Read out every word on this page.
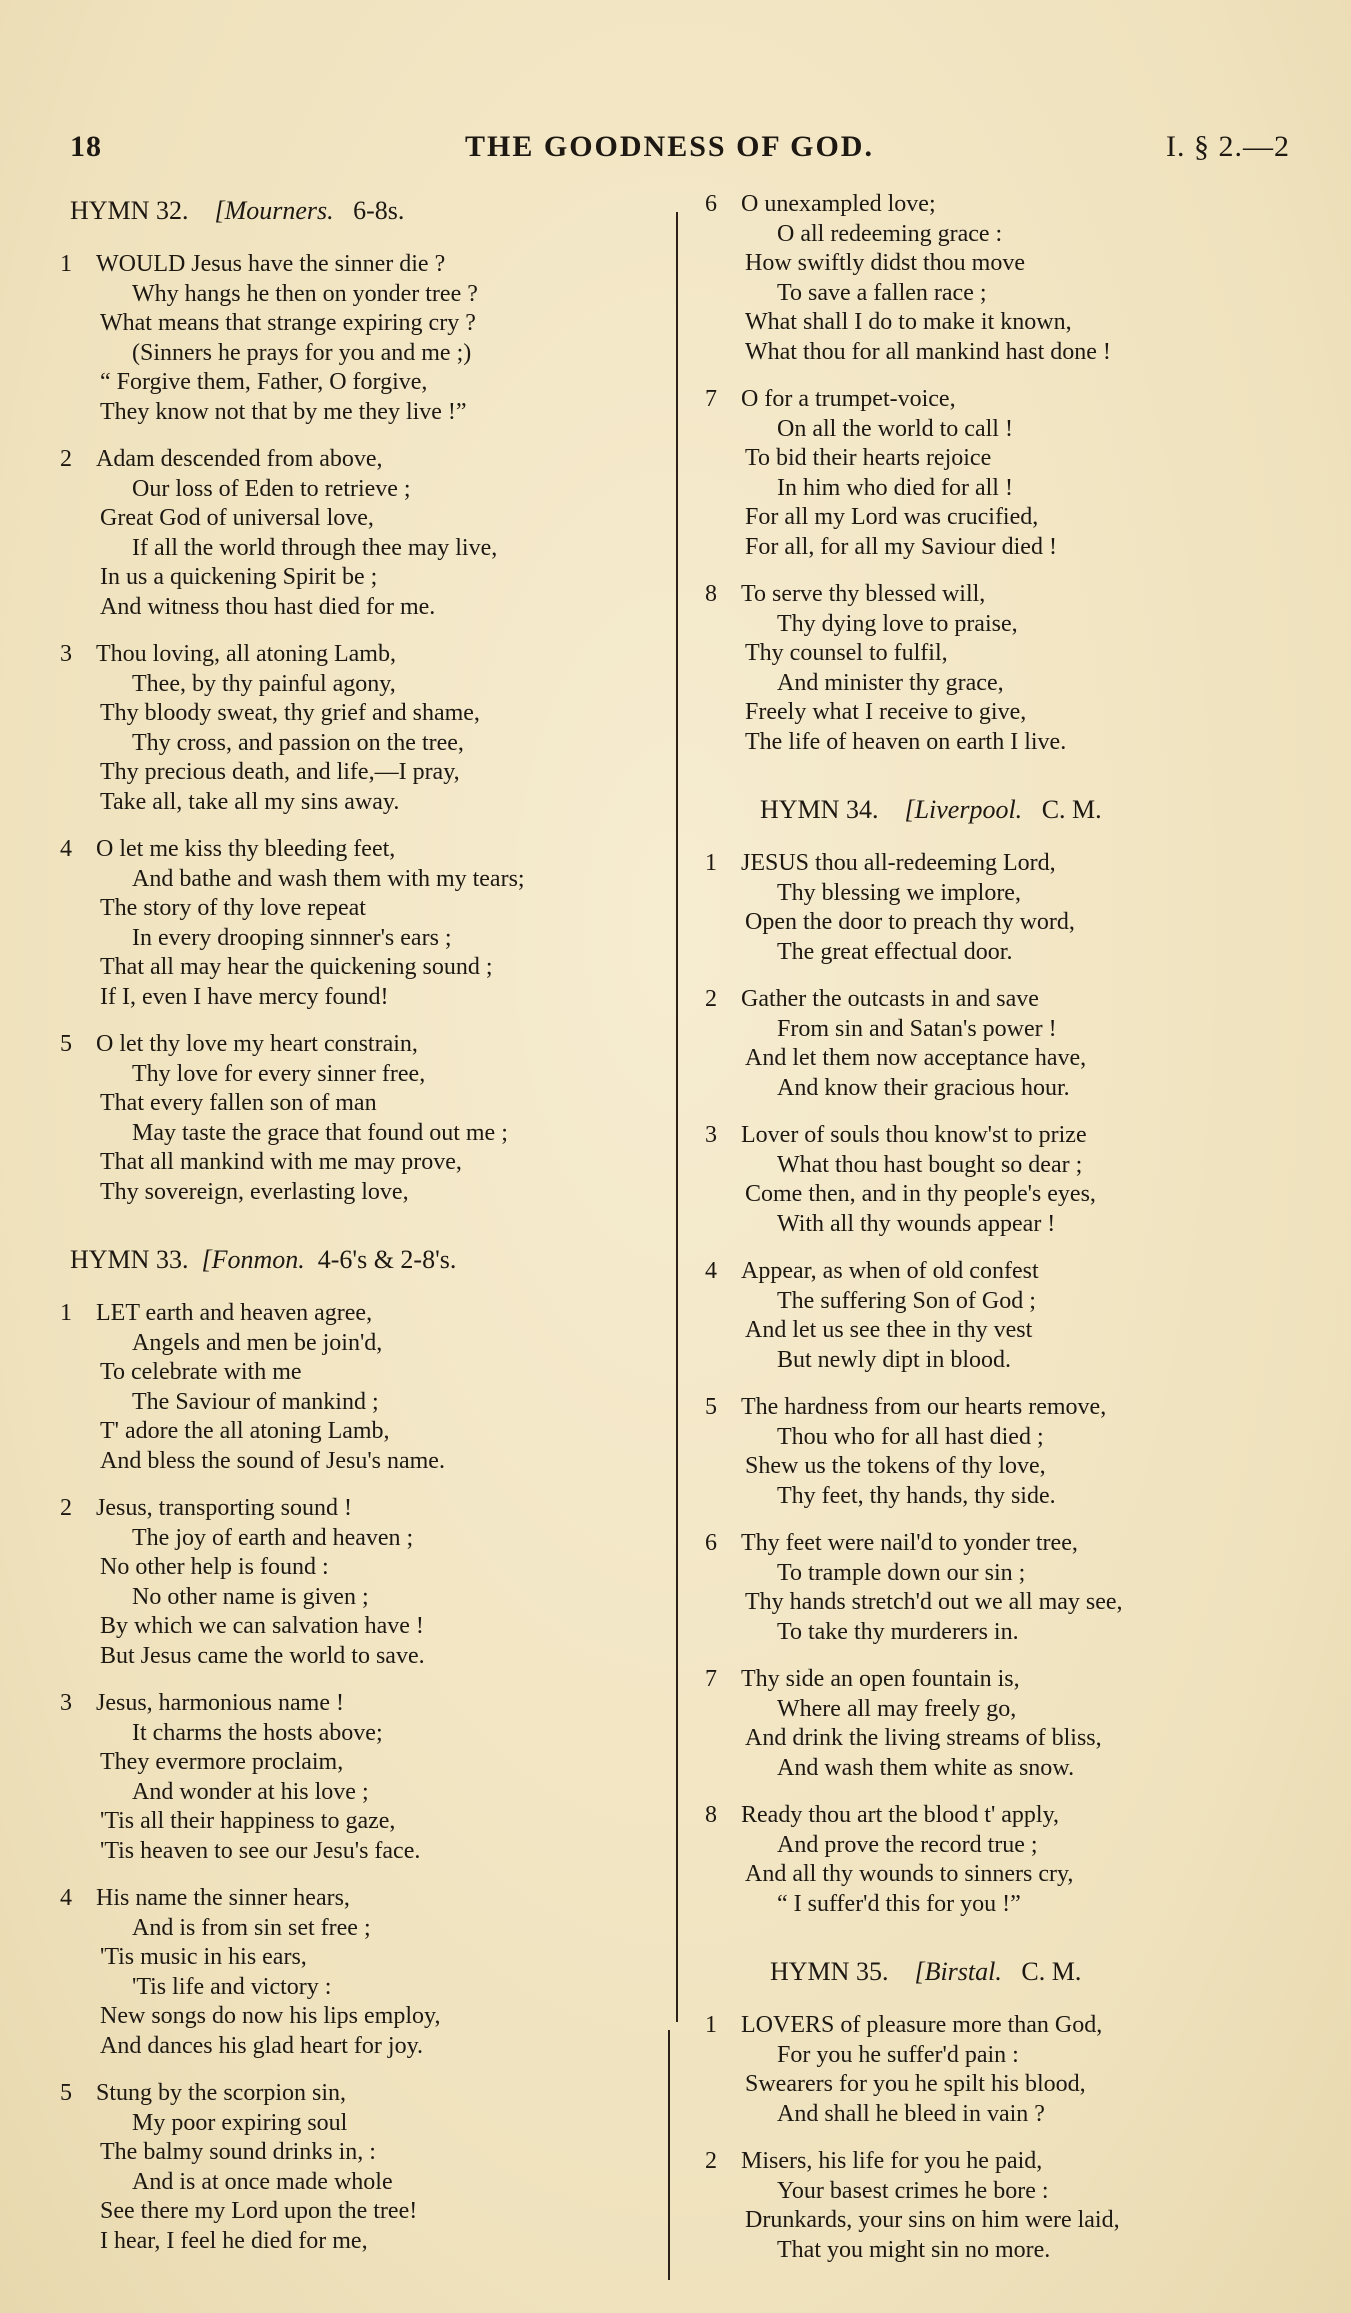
18	THE GOODNESS OF GOD.	I. § 2.—2
HYMN 32. [Mourners. 6-8s.
1 WOULD Jesus have the sinner die ?
Why hangs he then on yonder tree ?
What means that strange expiring cry ?
(Sinners he prays for you and me ;)
“ Forgive them, Father, O forgive,
They know not that by me they live !”
2 Adam descended from above,
Our loss of Eden to retrieve ;
Great God of universal love,
If all the world through thee may live,
In us a quickening Spirit be ;
And witness thou hast died for me.
3 Thou loving, all atoning Lamb,
Thee, by thy painful agony,
Thy bloody sweat, thy grief and shame,
Thy cross, and passion on the tree,
Thy precious death, and life,—I pray,
Take all, take all my sins away.
4 O let me kiss thy bleeding feet,
And bathe and wash them with my tears;
The story of thy love repeat
In every drooping sinnner's ears ;
That all may hear the quickening sound ;
If I, even I have mercy found!
5 O let thy love my heart constrain,
Thy love for every sinner free,
That every fallen son of man
May taste the grace that found out me ;
That all mankind with me may prove,
Thy sovereign, everlasting love,
HYMN 33. [Fonmon. 4-6's & 2-8's.
1 LET earth and heaven agree,
Angels and men be join'd,
To celebrate with me
The Saviour of mankind ;
T' adore the all atoning Lamb,
And bless the sound of Jesu's name.
2 Jesus, transporting sound !
The joy of earth and heaven ;
No other help is found :
No other name is given ;
By which we can salvation have !
But Jesus came the world to save.
3 Jesus, harmonious name !
It charms the hosts above;
They evermore proclaim,
And wonder at his love ;
'Tis all their happiness to gaze,
'Tis heaven to see our Jesu's face.
4 His name the sinner hears,
And is from sin set free ;
'Tis music in his ears,
'Tis life and victory :
New songs do now his lips employ,
And dances his glad heart for joy.
5 Stung by the scorpion sin,
My poor expiring soul
The balmy sound drinks in, :
And is at once made whole
See there my Lord upon the tree!
I hear, I feel he died for me,
6 O unexampled love;
O all redeeming grace :
How swiftly didst thou move
To save a fallen race ;
What shall I do to make it known,
What thou for all mankind hast done !
7 O for a trumpet-voice,
On all the world to call !
To bid their hearts rejoice
In him who died for all !
For all my Lord was crucified,
For all, for all my Saviour died !
8 To serve thy blessed will,
Thy dying love to praise,
Thy counsel to fulfil,
And minister thy grace,
Freely what I receive to give,
The life of heaven on earth I live.
HYMN 34. [Liverpool. C. M.
1 JESUS thou all-redeeming Lord,
Thy blessing we implore,
Open the door to preach thy word,
The great effectual door.
2 Gather the outcasts in and save
From sin and Satan's power !
And let them now acceptance have,
And know their gracious hour.
3 Lover of souls thou know'st to prize
What thou hast bought so dear ;
Come then, and in thy people's eyes,
With all thy wounds appear !
4 Appear, as when of old confest
The suffering Son of God ;
And let us see thee in thy vest
But newly dipt in blood.
5 The hardness from our hearts remove,
Thou who for all hast died ;
Shew us the tokens of thy love,
Thy feet, thy hands, thy side.
6 Thy feet were nail'd to yonder tree,
To trample down our sin ;
Thy hands stretch'd out we all may see,
To take thy murderers in.
7 Thy side an open fountain is,
Where all may freely go,
And drink the living streams of bliss,
And wash them white as snow.
8 Ready thou art the blood t' apply,
And prove the record true ;
And all thy wounds to sinners cry,
“ I suffer'd this for you !”
HYMN 35. [Birstal. C. M.
1 LOVERS of pleasure more than God,
For you he suffer'd pain :
Swearers for you he spilt his blood,
And shall he bleed in vain ?
2 Misers, his life for you he paid,
Your basest crimes he bore :
Drunkards, your sins on him were laid,
That you might sin no more.
